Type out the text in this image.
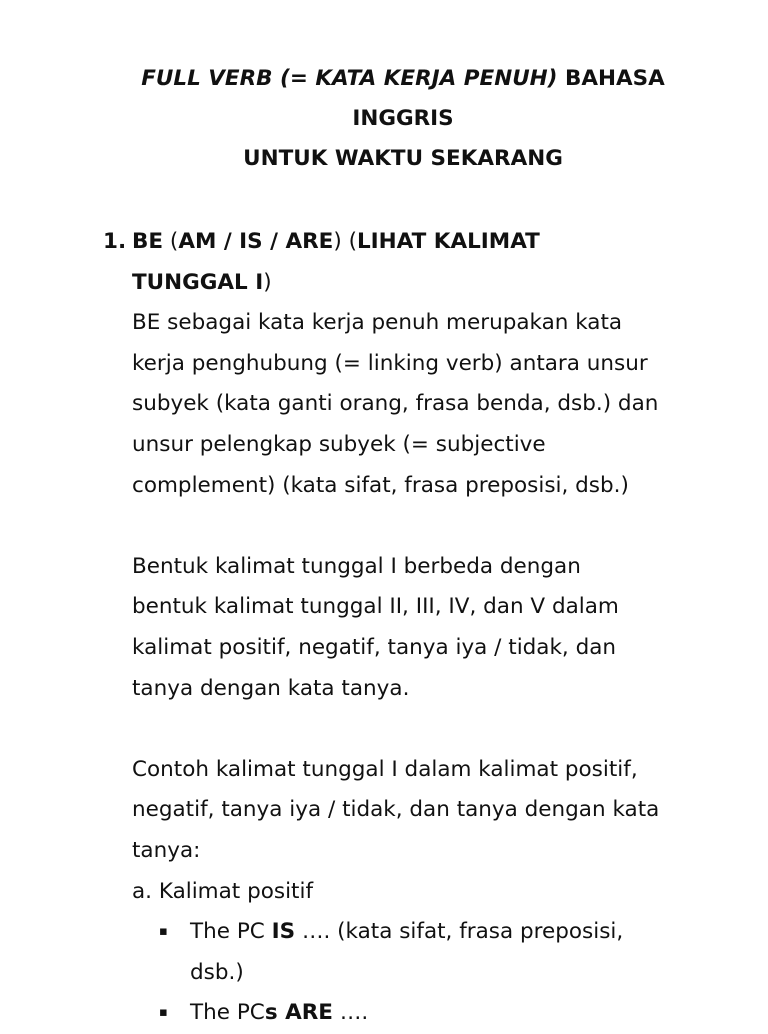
FULL VERB (= KATA KERJA PENUH) BAHASA
INGGRIS
UNTUK WAKTU SEKARANG
1. BE (AM / IS / ARE) (LIHAT KALIMAT
TUNGGAL I)
BE sebagai kata kerja penuh merupakan kata
kerja penghubung (= linking verb) antara unsur
subyek (kata ganti orang, frasa benda, dsb.) dan
unsur pelengkap subyek (= subjective
complement) (kata sifat, frasa preposisi, dsb.)
Bentuk kalimat tunggal I berbeda dengan
bentuk kalimat tunggal II, III, IV, dan V dalam
kalimat positif, negatif, tanya iya / tidak, dan
tanya dengan kata tanya.
Contoh kalimat tunggal I dalam kalimat positif,
negatif, tanya iya / tidak, dan tanya dengan kata
tanya:
a. Kalimat positif
▪	The PC IS …. (kata sifat, frasa preposisi,
dsb.)
▪	The PCs ARE ….
